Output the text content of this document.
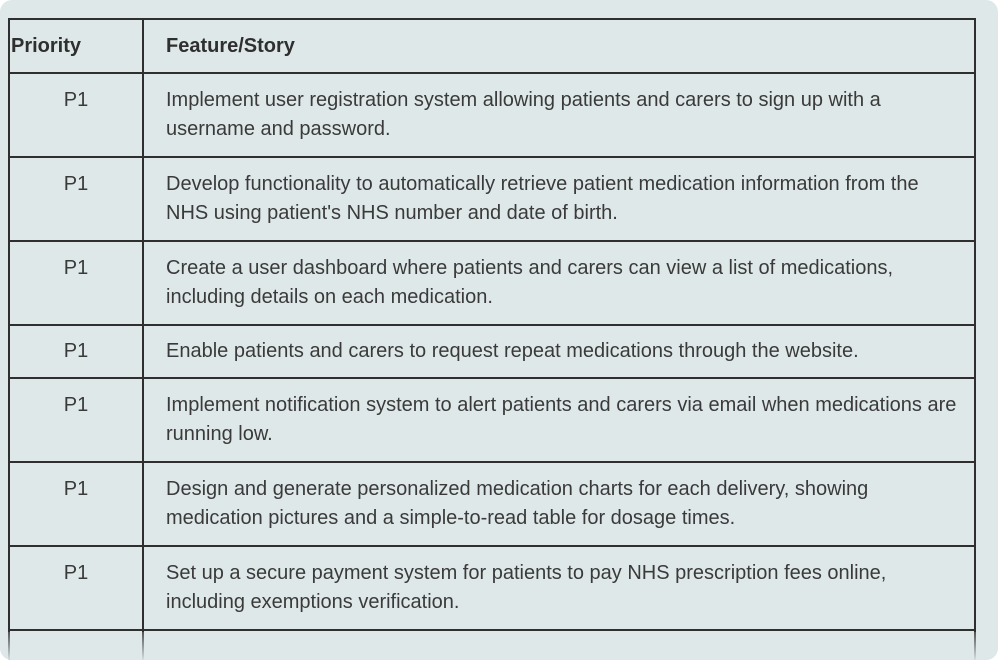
Priority	Feature/Story
P1	Implement user registration system allowing patients and carers to sign up with a username and password.
P1	Develop functionality to automatically retrieve patient medication information from the NHS using patient's NHS number and date of birth.
P1	Create a user dashboard where patients and carers can view a list of medications, including details on each medication.
P1	Enable patients and carers to request repeat medications through the website.
P1	Implement notification system to alert patients and carers via email when medications are running low.
P1	Design and generate personalized medication charts for each delivery, showing medication pictures and a simple-to-read table for dosage times.
P1	Set up a secure payment system for patients to pay NHS prescription fees online, including exemptions verification.
